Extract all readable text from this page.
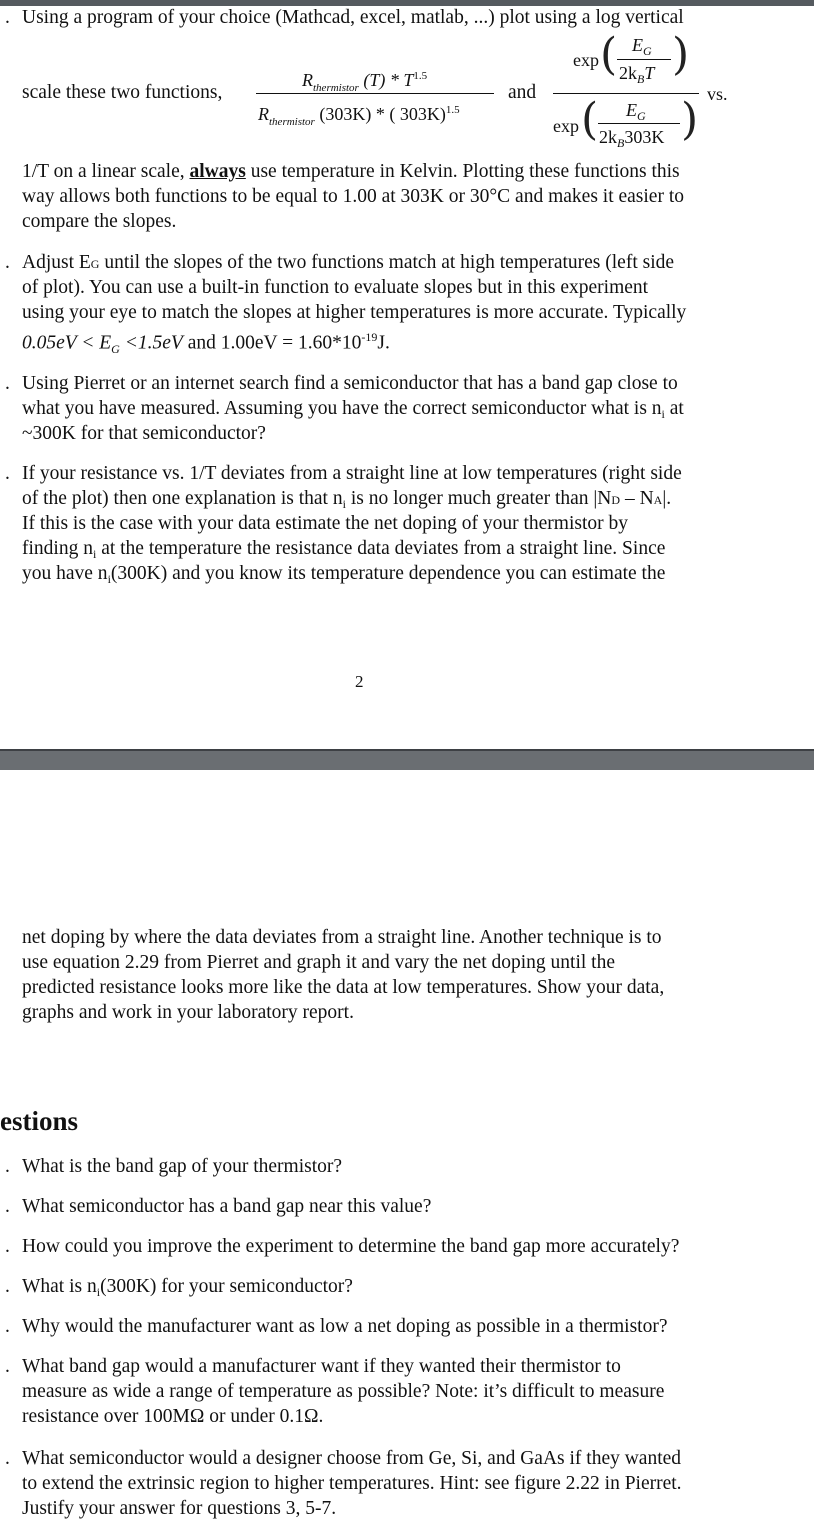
. Using a program of your choice (Mathcad, excel, matlab, ...) plot using a log vertical
scale these two functions,
$R_{thermistor}$ $(T) * T^{1.5}$
$R_{thermistor}$ (303K) * ( 303K)$^{1.5}$
and
exp ( $E_G$
$2k_BT$ )
exp ( $E_G$
$2k_B303K$ ) vs.
1/T on a linear scale, always use temperature in Kelvin. Plotting these functions this
way allows both functions to be equal to 1.00 at 303K or 30°C and makes it easier to
compare the slopes.
. Adjust EG until the slopes of the two functions match at high temperatures (left side
of plot). You can use a built-in function to evaluate slopes but in this experiment
using your eye to match the slopes at higher temperatures is more accurate. Typically
$0.05eV < E_G <1.5eV$ and $1.00eV = 1.60*10^{-19}J$.
. Using Pierret or an internet search find a semiconductor that has a band gap close to
what you have measured. Assuming you have the correct semiconductor what is $n_i$ at
~300K for that semiconductor?
. If your resistance vs. 1/T deviates from a straight line at low temperatures (right side
of the plot) then one explanation is that $n_i$ is no longer much greater than |ND – NA|.
If this is the case with your data estimate the net doping of your thermistor by
finding $n_i$ at the temperature the resistance data deviates from a straight line. Since
you have $n_i(300K)$ and you know its temperature dependence you can estimate the
2
net doping by where the data deviates from a straight line. Another technique is to
use equation 2.29 from Pierret and graph it and vary the net doping until the
predicted resistance looks more like the data at low temperatures. Show your data,
graphs and work in your laboratory report.
estions
. What is the band gap of your thermistor?
. What semiconductor has a band gap near this value?
. How could you improve the experiment to determine the band gap more accurately?
. What is $n_i(300K)$ for your semiconductor?
. Why would the manufacturer want as low a net doping as possible in a thermistor?
. What band gap would a manufacturer want if they wanted their thermistor to
measure as wide a range of temperature as possible? Note: it’s difficult to measure
resistance over 100MΩ or under 0.1Ω.
. What semiconductor would a designer choose from Ge, Si, and GaAs if they wanted
to extend the extrinsic region to higher temperatures. Hint: see figure 2.22 in Pierret.
Justify your answer for questions 3, 5-7.
